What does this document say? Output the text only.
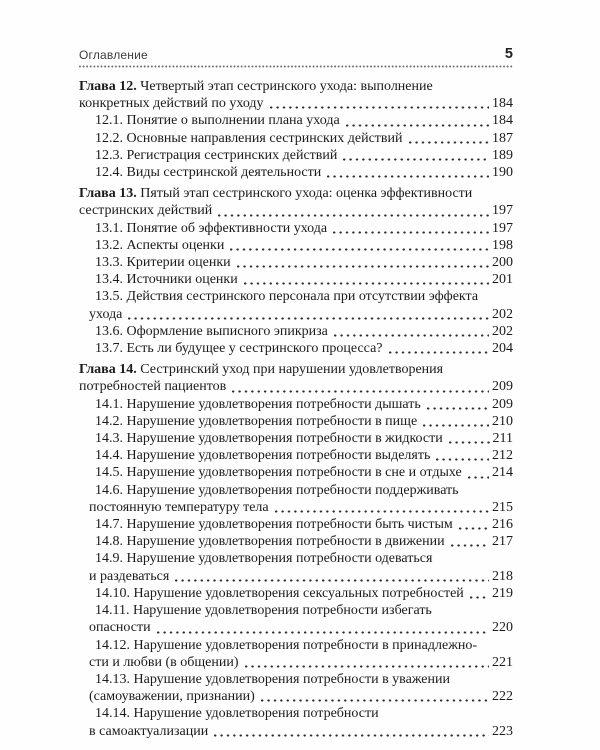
Оглавление	5
Глава 12. Четвертый этап сестринского ухода: выполнение
конкретных действий по уходу	184
12.1. Понятие о выполнении плана ухода	184
12.2. Основные направления сестринских действий	187
12.3. Регистрация сестринских действий	189
12.4. Виды сестринской деятельности	190
Глава 13. Пятый этап сестринского ухода: оценка эффективности
сестринских действий	197
13.1. Понятие об эффективности ухода	197
13.2. Аспекты оценки	198
13.3. Критерии оценки	200
13.4. Источники оценки	201
13.5. Действия сестринского персонала при отсутствии эффекта
ухода	202
13.6. Оформление выписного эпикриза	202
13.7. Есть ли будущее у сестринского процесса?	204
Глава 14. Сестринский уход при нарушении удовлетворения
потребностей пациентов	209
14.1. Нарушение удовлетворения потребности дышать	209
14.2. Нарушение удовлетворения потребности в пище	210
14.3. Нарушение удовлетворения потребности в жидкости	211
14.4. Нарушение удовлетворения потребности выделять	212
14.5. Нарушение удовлетворения потребности в сне и отдыхе 214
14.6. Нарушение удовлетворения потребности поддерживать
постоянную температуру тела	215
14.7. Нарушение удовлетворения потребности быть чистым	216
14.8. Нарушение удовлетворения потребности в движении	217
14.9. Нарушение удовлетворения потребности одеваться
и раздеваться	218
14.10. Нарушение удовлетворения сексуальных потребностей 219
14.11. Нарушение удовлетворения потребности избегать
опасности	220
14.12. Нарушение удовлетворения потребности в принадлежно-
сти и любви (в общении)	221
14.13. Нарушение удовлетворения потребности в уважении
(самоуважении, признании)	222
14.14. Нарушение удовлетворения потребности
в самоактуализации	223
